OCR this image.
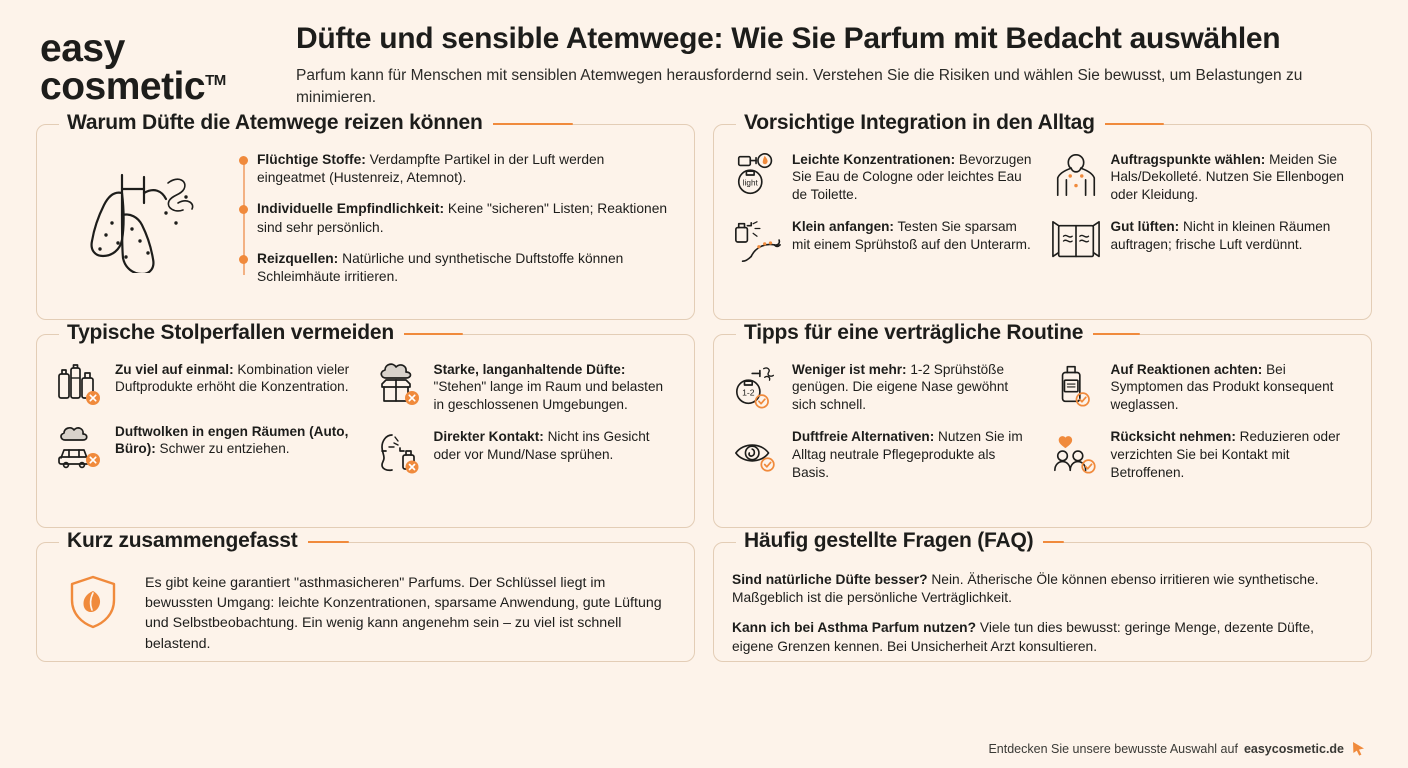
easy
cosmetic™
Düfte und sensible Atemwege: Wie Sie Parfum mit Bedacht auswählen
Parfum kann für Menschen mit sensiblen Atemwegen herausfordernd sein. Verstehen Sie die Risiken und wählen Sie bewusst, um Belastungen zu minimieren.
Warum Düfte die Atemwege reizen können
Flüchtige Stoffe: Verdampfte Partikel in der Luft werden eingeatmet (Hustenreiz, Atemnot).
Individuelle Empfindlichkeit: Keine "sicheren" Listen; Reaktionen sind sehr persönlich.
Reizquellen: Natürliche und synthetische Duftstoffe können Schleimhäute irritieren.
Typische Stolperfallen vermeiden
Zu viel auf einmal: Kombination vieler Duftprodukte erhöht die Konzentration.
Duftwolken in engen Räumen (Auto, Büro): Schwer zu entziehen.
Starke, langanhaltende Düfte: "Stehen" lange im Raum und belasten in geschlossenen Umgebungen.
Direkter Kontakt: Nicht ins Gesicht oder vor Mund/Nase sprühen.
Kurz zusammengefasst
Es gibt keine garantiert "asthmasicheren" Parfums. Der Schlüssel liegt im bewussten Umgang: leichte Konzentrationen, sparsame Anwendung, gute Lüftung und Selbstbeobachtung. Ein wenig kann angenehm sein – zu viel ist schnell belastend.
Vorsichtige Integration in den Alltag
light
Leichte Konzentrationen: Bevorzugen Sie Eau de Cologne oder leichtes Eau de Toilette.
Klein anfangen: Testen Sie sparsam mit einem Sprühstoß auf den Unterarm.
Auftragspunkte wählen: Meiden Sie Hals/Dekolleté. Nutzen Sie Ellenbogen oder Kleidung.
Gut lüften: Nicht in kleinen Räumen auftragen; frische Luft verdünnt.
Tipps für eine verträgliche Routine
1-2
Weniger ist mehr: 1-2 Sprühstöße genügen. Die eigene Nase gewöhnt sich schnell.
Duftfreie Alternativen: Nutzen Sie im Alltag neutrale Pflegeprodukte als Basis.
Auf Reaktionen achten: Bei Symptomen das Produkt konsequent weglassen.
Rücksicht nehmen: Reduzieren oder verzichten Sie bei Kontakt mit Betroffenen.
Häufig gestellte Fragen (FAQ)
Sind natürliche Düfte besser? Nein. Ätherische Öle können ebenso irritieren wie synthetische. Maßgeblich ist die persönliche Verträglichkeit.
Kann ich bei Asthma Parfum nutzen? Viele tun dies bewusst: geringe Menge, dezente Düfte, eigene Grenzen kennen. Bei Unsicherheit Arzt konsultieren.
Entdecken Sie unsere bewusste Auswahl auf easycosmetic.de
